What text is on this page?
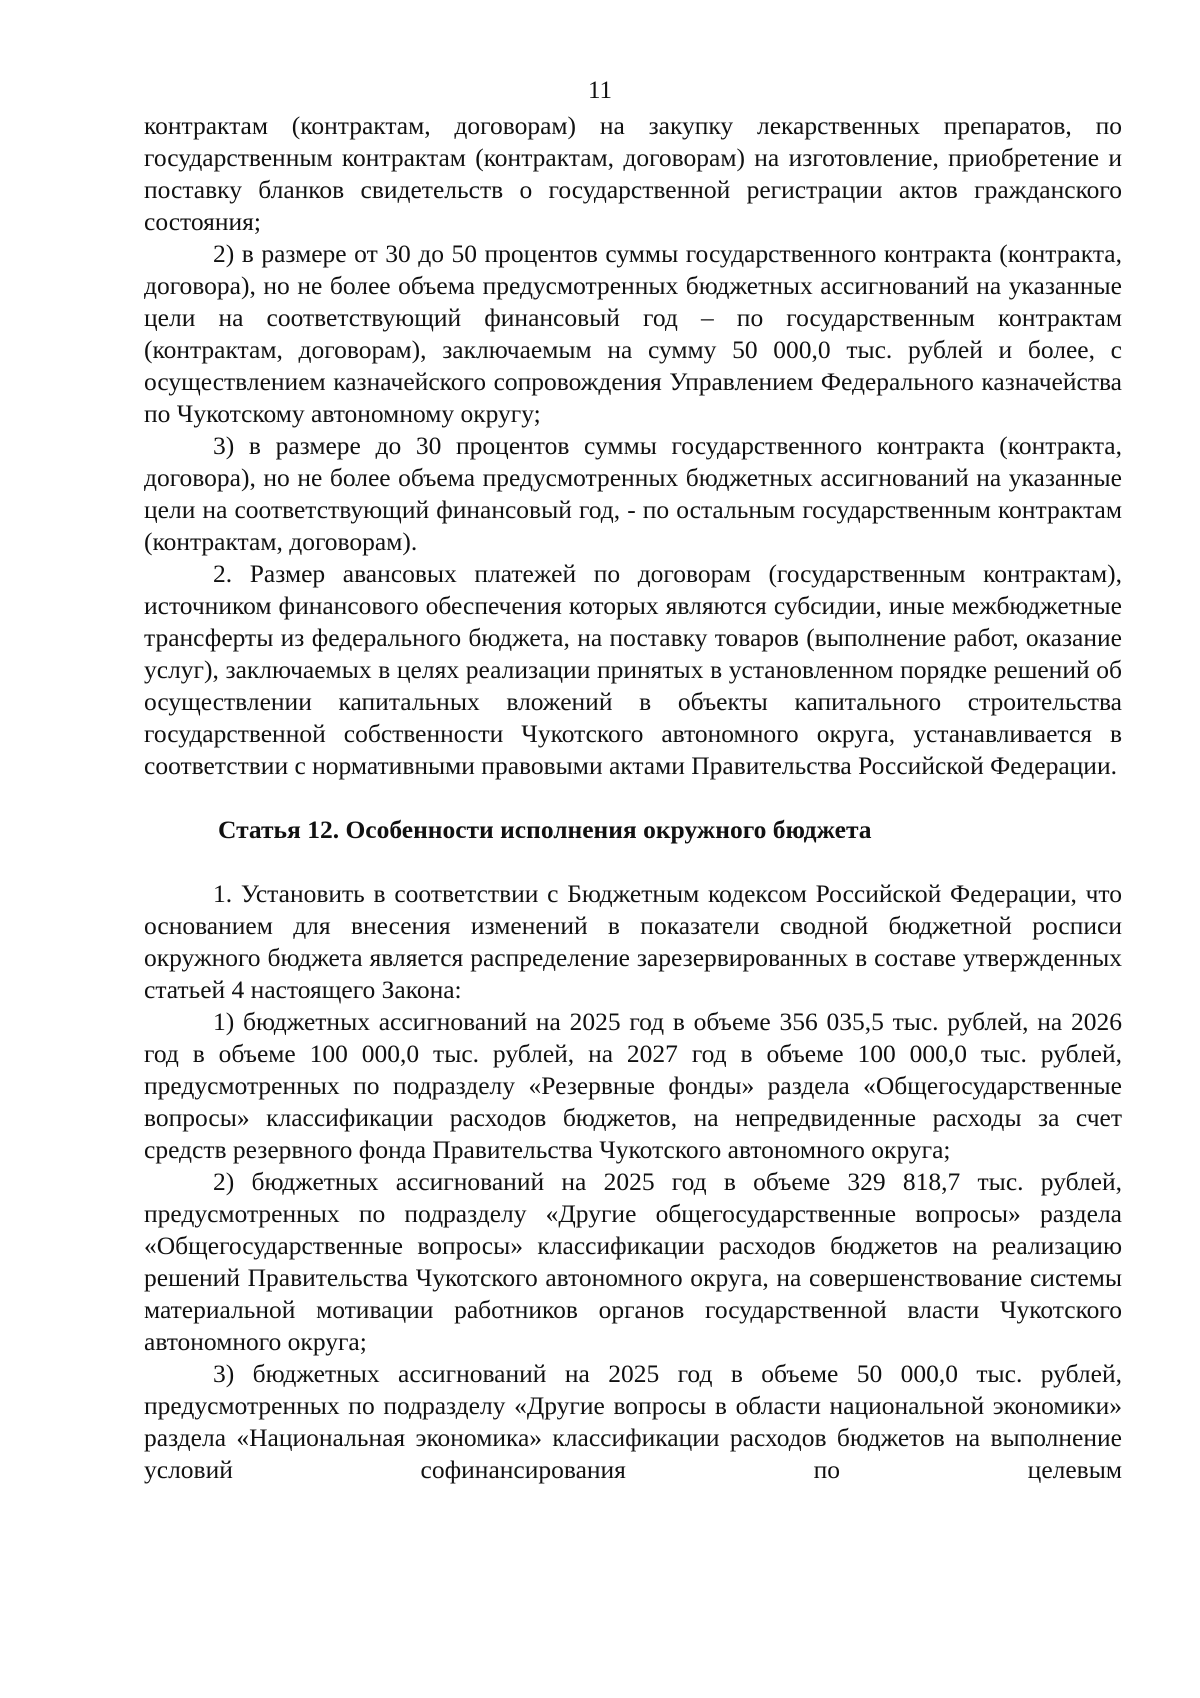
11

контрактам (контрактам, договорам) на закупку лекарственных препаратов, по государственным контрактам (контрактам, договорам) на изготовление, приобретение и поставку бланков свидетельств о государственной регистрации актов гражданского состояния;

2) в размере от 30 до 50 процентов суммы государственного контракта (контракта, договора), но не более объема предусмотренных бюджетных ассигнований на указанные цели на соответствующий финансовый год – по государственным контрактам (контрактам, договорам), заключаемым на сумму 50 000,0 тыс. рублей и более, с осуществлением казначейского сопровождения Управлением Федерального казначейства по Чукотскому автономному округу;

3) в размере до 30 процентов суммы государственного контракта (контракта, договора), но не более объема предусмотренных бюджетных ассигнований на указанные цели на соответствующий финансовый год, - по остальным государственным контрактам (контрактам, договорам).

2. Размер авансовых платежей по договорам (государственным контрактам), источником финансового обеспечения которых являются субсидии, иные межбюджетные трансферты из федерального бюджета, на поставку товаров (выполнение работ, оказание услуг), заключаемых в целях реализации принятых в установленном порядке решений об осуществлении капитальных вложений в объекты капитального строительства государственной собственности Чукотского автономного округа, устанавливается в соответствии с нормативными правовыми актами Правительства Российской Федерации.

Статья 12. Особенности исполнения окружного бюджета

1. Установить в соответствии с Бюджетным кодексом Российской Федерации, что основанием для внесения изменений в показатели сводной бюджетной росписи окружного бюджета является распределение зарезервированных в составе утвержденных статьей 4 настоящего Закона:

1) бюджетных ассигнований на 2025 год в объеме 356 035,5 тыс. рублей, на 2026 год в объеме 100 000,0 тыс. рублей, на 2027 год в объеме 100 000,0 тыс. рублей, предусмотренных по подразделу «Резервные фонды» раздела «Общегосударственные вопросы» классификации расходов бюджетов, на непредвиденные расходы за счет средств резервного фонда Правительства Чукотского автономного округа;

2) бюджетных ассигнований на 2025 год в объеме 329 818,7 тыс. рублей, предусмотренных по подразделу «Другие общегосударственные вопросы» раздела «Общегосударственные вопросы» классификации расходов бюджетов на реализацию решений Правительства Чукотского автономного округа, на совершенствование системы материальной мотивации работников органов государственной власти Чукотского автономного округа;

3) бюджетных ассигнований на 2025 год в объеме 50 000,0 тыс. рублей, предусмотренных по подразделу «Другие вопросы в области национальной экономики» раздела «Национальная экономика» классификации расходов бюджетов на выполнение условий софинансирования по целевым
